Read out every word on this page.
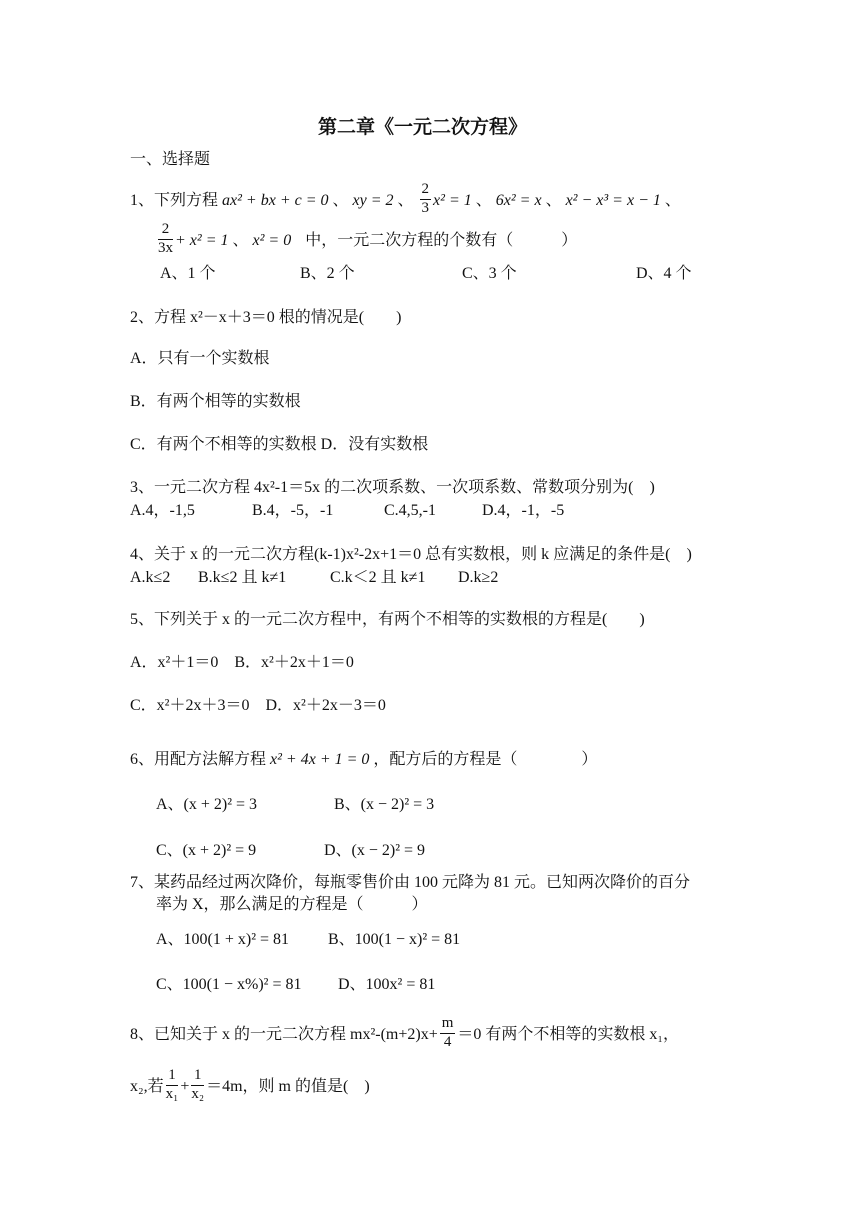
第二章《一元二次方程》
一、选择题
1、下列方程 ax² + bx + c = 0 、 xy = 2 、 $\frac{2}{3} x^2 = 1$ 、 6x² = x 、 x² − x³ = x − 1 、
$\frac{2}{3x} + x^2 = 1$ 、 x² = 0 中，一元二次方程的个数有（　　　）
A、1 个	B、2 个	C、3 个	D、4 个
2、方程 x²－x＋3＝0 根的情况是(　　)
A．只有一个实数根
B．有两个相等的实数根
C．有两个不相等的实数根 D．没有实数根
3、一元二次方程 4x²-1＝5x 的二次项系数、一次项系数、常数项分别为(　)
A.4，-1,5	B.4，-5，-1	C.4,5,-1	D.4，-1，-5
4、关于 x 的一元二次方程(k-1)x²-2x+1＝0 总有实数根，则 k 应满足的条件是(　)
A.k≤2 B.k≤2 且 k≠1	C.k＜2 且 k≠1 D.k≥2
5、下列关于 x 的一元二次方程中，有两个不相等的实数根的方程是(　　)
A．x²＋1＝0　B．x²＋2x＋1＝0
C．x²＋2x＋3＝0　D．x²＋2x－3＝0
6、用配方法解方程 x² + 4x + 1 = 0 ，配方后的方程是（　　　　）
A、(x + 2)² = 3	B、(x − 2)² = 3
C、(x + 2)² = 9	D、(x − 2)² = 9
7、某药品经过两次降价，每瓶零售价由 100 元降为 81 元。已知两次降价的百分
率为 X，那么满足的方程是（　　　）
A、100(1 + x)² = 81 B、100(1 − x)² = 81
C、100(1 − x%)² = 81 D、100x² = 81
8、已知关于 x 的一元二次方程 $mx^2-(m+2)x+ \frac{m}{4} =0$ 有两个不相等的实数根 x₁，
x₂,若 $\frac{1}{\text{x₁}} + \frac{1}{\text{x₂}} =4m$，则 m 的值是(　)
